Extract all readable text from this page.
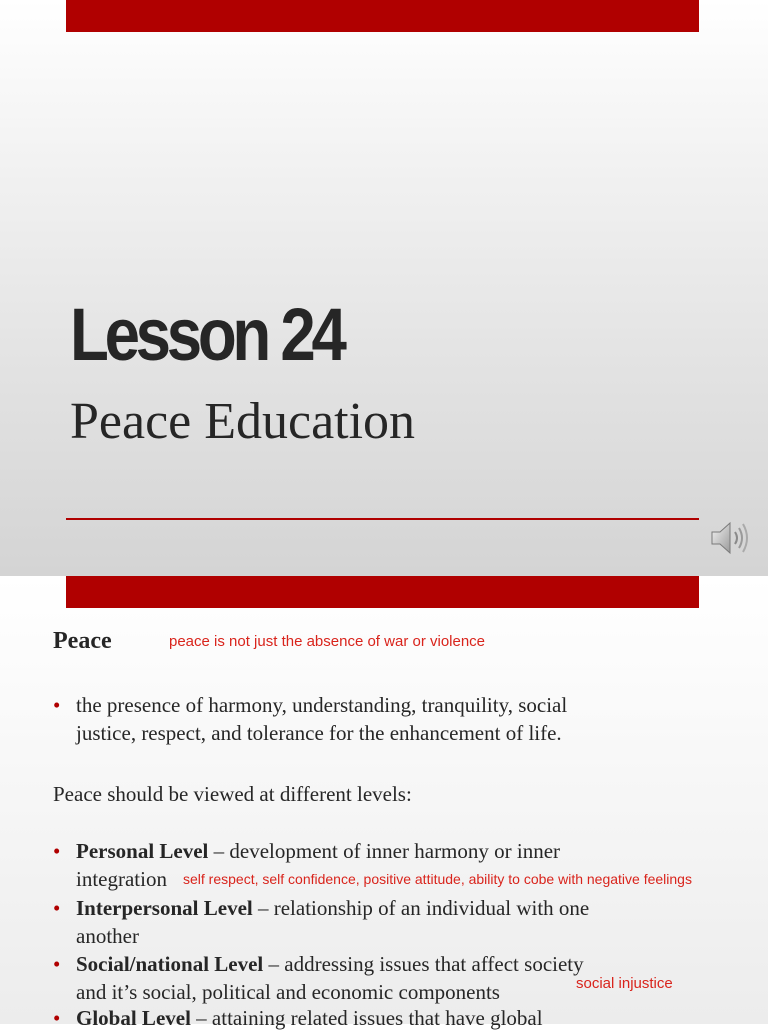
Lesson 24
Peace Education
Peace	peace is not just the absence of war or violence
• the presence of harmony, understanding, tranquility, social
justice, respect, and tolerance for the enhancement of life.

Peace should be viewed at different levels:

• Personal Level – development of inner harmony or inner
integration	self respect, self confidence, positive attitude, ability to cobe with negative feelings
• Interpersonal Level – relationship of an individual with one
another
• Social/national Level – addressing issues that affect society
and it’s social, political and economic components	social injustice
• Global Level – attaining related issues that have global
